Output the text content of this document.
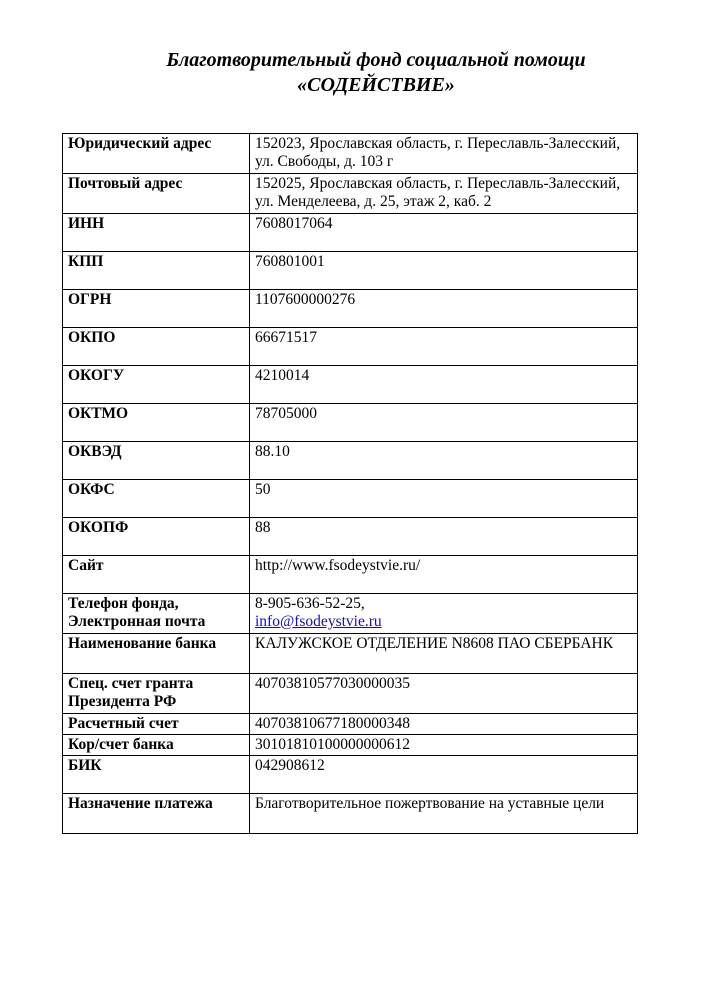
Благотворительный фонд социальной помощи
«СОДЕЙСТВИЕ»
Юридический адрес	152023, Ярославская область, г. Переславль-Залесский, ул. Свободы, д. 103 г
Почтовый адрес	152025, Ярославская область, г. Переславль-Залесский, ул. Менделеева, д. 25, этаж 2, каб. 2
ИНН	7608017064
КПП	760801001
ОГРН	1107600000276
ОКПО	66671517
ОКОГУ	4210014
ОКТМО	78705000
ОКВЭД	88.10
ОКФС	50
ОКОПФ	88
Сайт	http://www.fsodeystvie.ru/
Телефон фонда, Электронная почта	8-905-636-52-25,
info@fsodeystvie.ru

Наименование банка	КАЛУЖСКОЕ ОТДЕЛЕНИЕ N8608 ПАО СБЕРБАНК
Спец. счет гранта Президента РФ	40703810577030000035
Расчетный счет	40703810677180000348
Кор/счет банка	30101810100000000612
БИК	042908612
Назначение платежа	Благотворительное пожертвование на уставные цели
